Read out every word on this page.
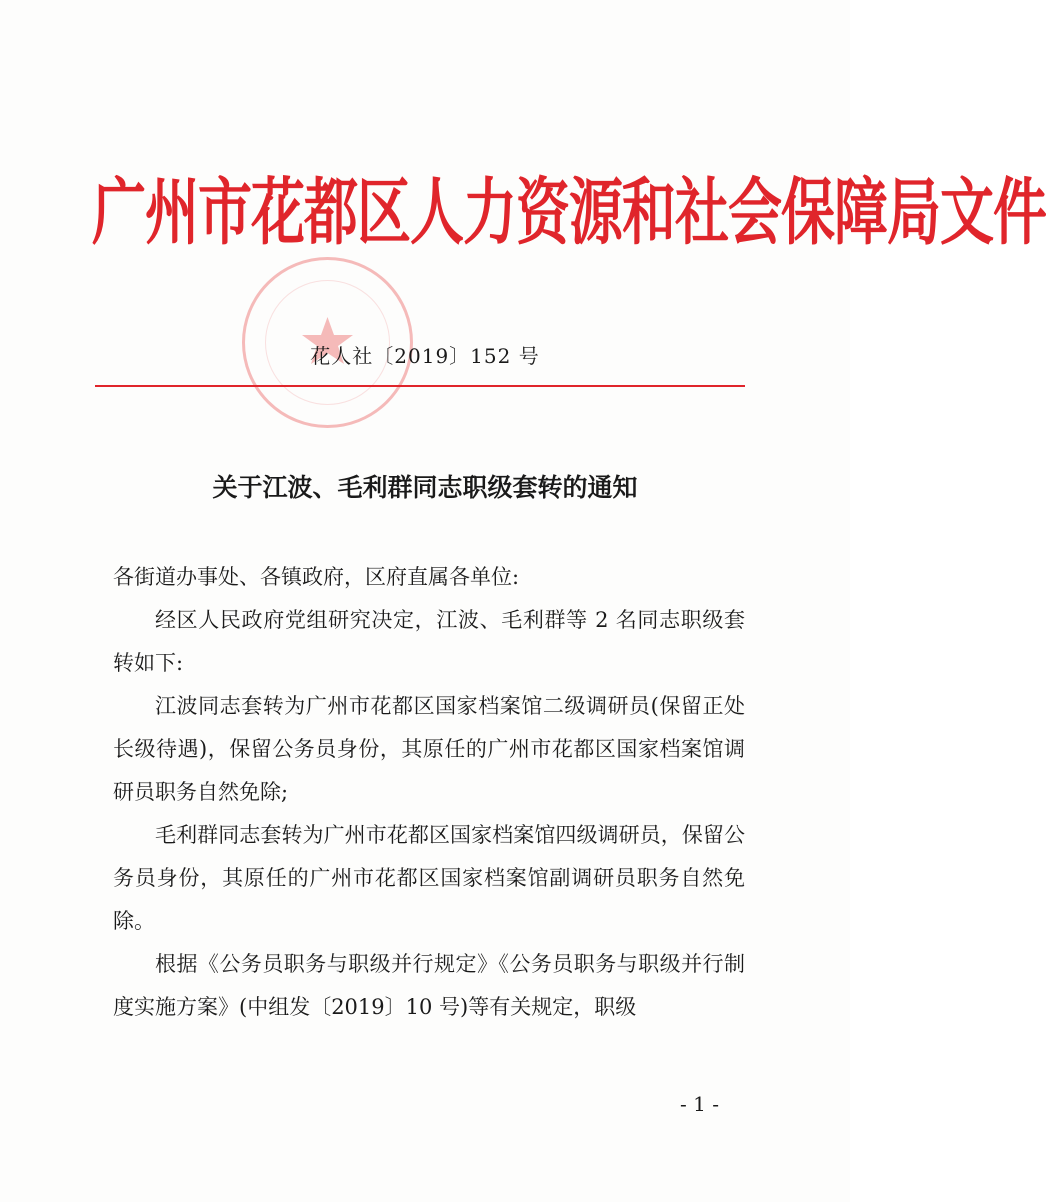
广州市花都区人力资源和社会保障局文件
花人社〔2019〕152 号
关于江波、毛利群同志职级套转的通知

各街道办事处、各镇政府，区府直属各单位:

经区人民政府党组研究决定，江波、毛利群等 2 名同志职级套转如下:

江波同志套转为广州市花都区国家档案馆二级调研员(保留正处长级待遇)，保留公务员身份，其原任的广州市花都区国家档案馆调研员职务自然免除;

毛利群同志套转为广州市花都区国家档案馆四级调研员，保留公务员身份，其原任的广州市花都区国家档案馆副调研员职务自然免除。

根据《公务员职务与职级并行规定》《公务员职务与职级并行制度实施方案》(中组发〔2019〕10 号)等有关规定，职级

- 1 -
